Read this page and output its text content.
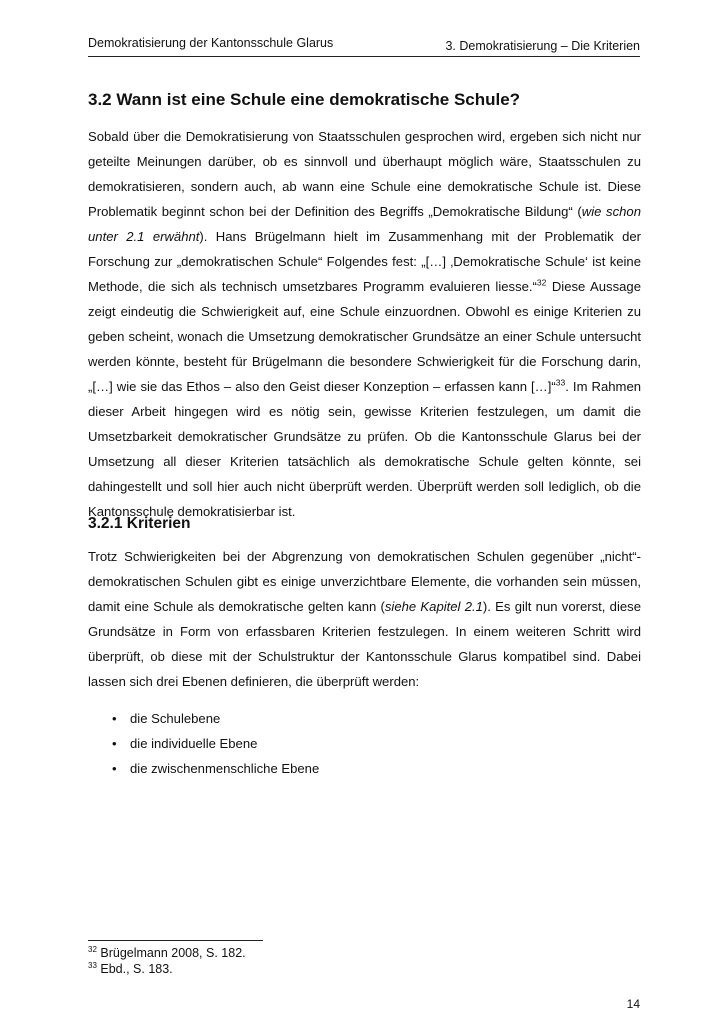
Demokratisierung der Kantonsschule Glarus	3. Demokratisierung – Die Kriterien
3.2 Wann ist eine Schule eine demokratische Schule?

Sobald über die Demokratisierung von Staatsschulen gesprochen wird, ergeben sich nicht nur geteilte Meinungen darüber, ob es sinnvoll und überhaupt möglich wäre, Staatsschulen zu demokratisieren, sondern auch, ab wann eine Schule eine demokratische Schule ist. Diese Problematik beginnt schon bei der Definition des Begriffs „Demokratische Bildung“ (wie schon unter 2.1 erwähnt). Hans Brügelmann hielt im Zusammenhang mit der Problematik der Forschung zur „demokratischen Schule“ Folgendes fest: „[…] ‚Demokratische Schule‘ ist keine Methode, die sich als technisch umsetzbares Programm evaluieren liesse.“$^{32}$ Diese Aussage zeigt eindeutig die Schwierigkeit auf, eine Schule einzuordnen. Obwohl es einige Kriterien zu geben scheint, wonach die Umsetzung demokratischer Grundsätze an einer Schule untersucht werden könnte, besteht für Brügelmann die besondere Schwierigkeit für die Forschung darin, „[…] wie sie das Ethos – also den Geist dieser Konzeption – erfassen kann […]“$^{33}$. Im Rahmen dieser Arbeit hingegen wird es nötig sein, gewisse Kriterien festzulegen, um damit die Umsetzbarkeit demokratischer Grundsätze zu prüfen. Ob die Kantonsschule Glarus bei der Umsetzung all dieser Kriterien tatsächlich als demokratische Schule gelten könnte, sei dahingestellt und soll hier auch nicht überprüft werden. Überprüft werden soll lediglich, ob die Kantonsschule demokratisierbar ist.

3.2.1 Kriterien

Trotz Schwierigkeiten bei der Abgrenzung von demokratischen Schulen gegenüber „nicht“-demokratischen Schulen gibt es einige unverzichtbare Elemente, die vorhanden sein müssen, damit eine Schule als demokratische gelten kann (siehe Kapitel 2.1). Es gilt nun vorerst, diese Grundsätze in Form von erfassbaren Kriterien festzulegen. In einem weiteren Schritt wird überprüft, ob diese mit der Schulstruktur der Kantonsschule Glarus kompatibel sind. Dabei lassen sich drei Ebenen definieren, die überprüft werden:

• die Schulebene
• die individuelle Ebene
• die zwischenmenschliche Ebene
$^{32}$ Brügelmann 2008, S. 182.
$^{33}$ Ebd., S. 183.
14
